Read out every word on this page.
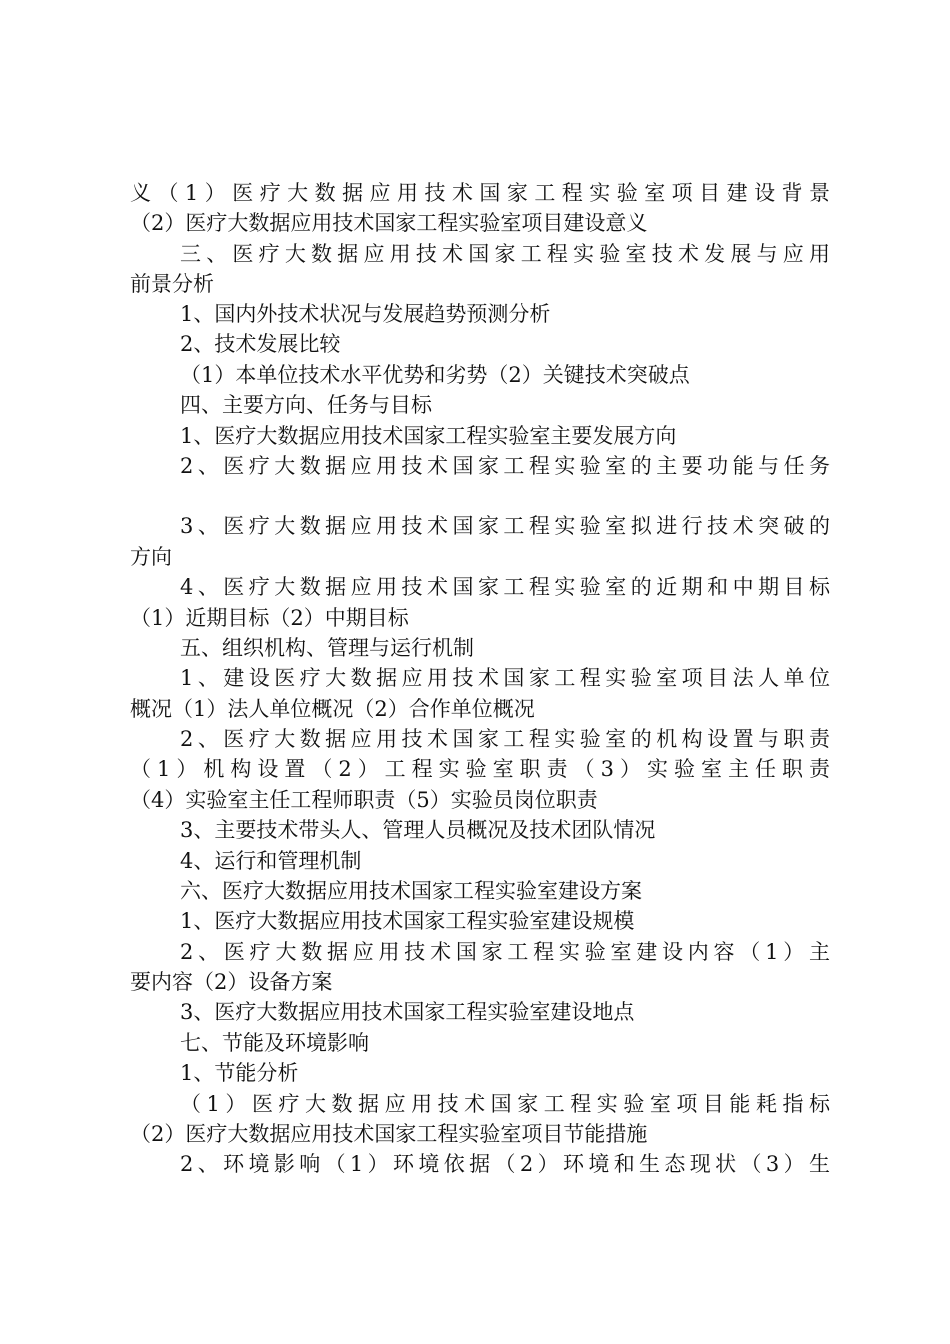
义（1）医疗大数据应用技术国家工程实验室项目建设背景
（2）医疗大数据应用技术国家工程实验室项目建设意义
三、医疗大数据应用技术国家工程实验室技术发展与应用
前景分析
1、国内外技术状况与发展趋势预测分析
2、技术发展比较
（1）本单位技术水平优势和劣势（2）关键技术突破点
四、主要方向、任务与目标
1、医疗大数据应用技术国家工程实验室主要发展方向
2、医疗大数据应用技术国家工程实验室的主要功能与任务
3、医疗大数据应用技术国家工程实验室拟进行技术突破的
方向
4、医疗大数据应用技术国家工程实验室的近期和中期目标
（1）近期目标（2）中期目标
五、组织机构、管理与运行机制
1、建设医疗大数据应用技术国家工程实验室项目法人单位
概况（1）法人单位概况（2）合作单位概况
2、医疗大数据应用技术国家工程实验室的机构设置与职责
（1）机构设置（2）工程实验室职责（3）实验室主任职责
（4）实验室主任工程师职责（5）实验员岗位职责
3、主要技术带头人、管理人员概况及技术团队情况
4、运行和管理机制
六、医疗大数据应用技术国家工程实验室建设方案
1、医疗大数据应用技术国家工程实验室建设规模
2、医疗大数据应用技术国家工程实验室建设内容（1）主
要内容（2）设备方案
3、医疗大数据应用技术国家工程实验室建设地点
七、节能及环境影响
1、节能分析
（1）医疗大数据应用技术国家工程实验室项目能耗指标
（2）医疗大数据应用技术国家工程实验室项目节能措施
2、环境影响（1）环境依据（2）环境和生态现状（3）生
